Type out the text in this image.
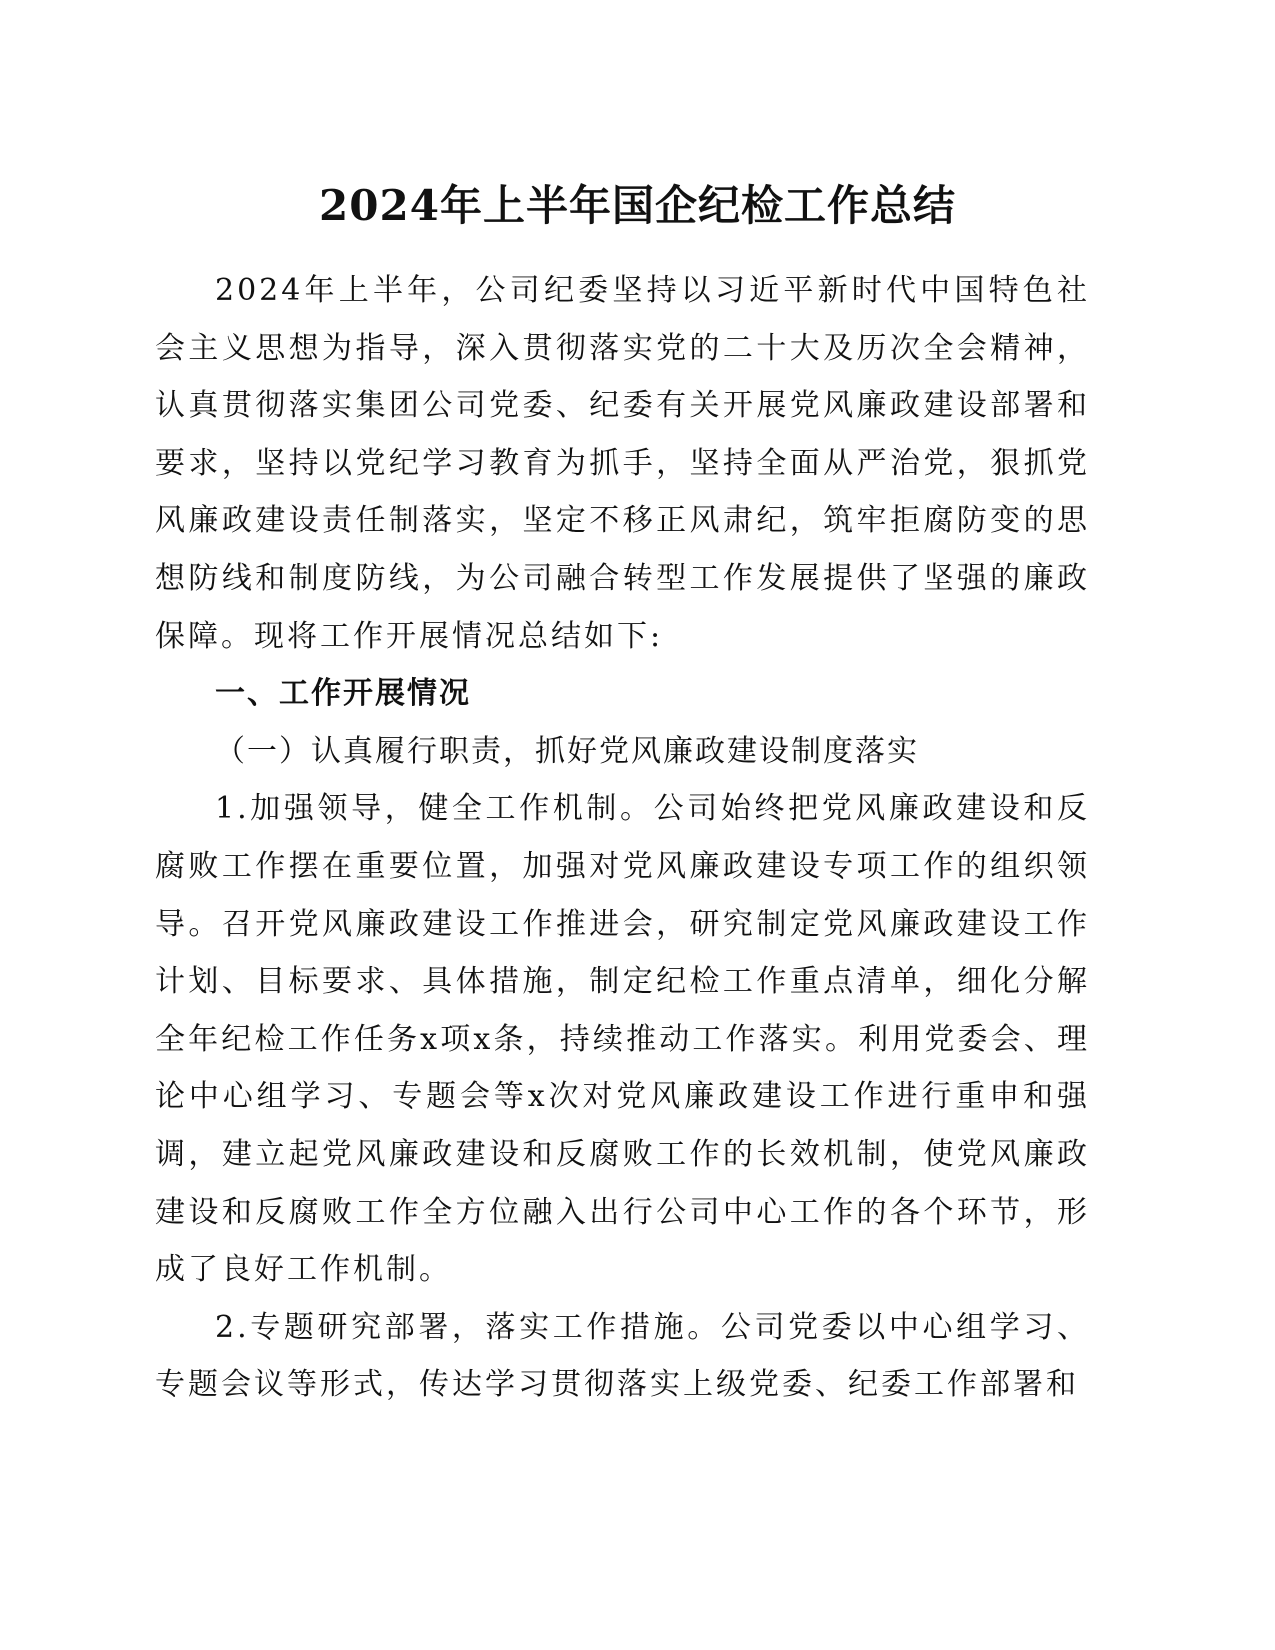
2024年上半年国企纪检工作总结

2024年上半年，公司纪委坚持以习近平新时代中国特色社会主义思想为指导，深入贯彻落实党的二十大及历次全会精神，认真贯彻落实集团公司党委、纪委有关开展党风廉政建设部署和要求，坚持以党纪学习教育为抓手，坚持全面从严治党，狠抓党风廉政建设责任制落实，坚定不移正风肃纪，筑牢拒腐防变的思想防线和制度防线，为公司融合转型工作发展提供了坚强的廉政保障。现将工作开展情况总结如下:

一、工作开展情况

（一）认真履行职责，抓好党风廉政建设制度落实

1.加强领导，健全工作机制。公司始终把党风廉政建设和反腐败工作摆在重要位置，加强对党风廉政建设专项工作的组织领导。召开党风廉政建设工作推进会，研究制定党风廉政建设工作计划、目标要求、具体措施，制定纪检工作重点清单，细化分解全年纪检工作任务x项x条，持续推动工作落实。利用党委会、理论中心组学习、专题会等x次对党风廉政建设工作进行重申和强调，建立起党风廉政建设和反腐败工作的长效机制，使党风廉政建设和反腐败工作全方位融入出行公司中心工作的各个环节，形成了良好工作机制。

2.专题研究部署，落实工作措施。公司党委以中心组学习、专题会议等形式，传达学习贯彻落实上级党委、纪委工作部署和
